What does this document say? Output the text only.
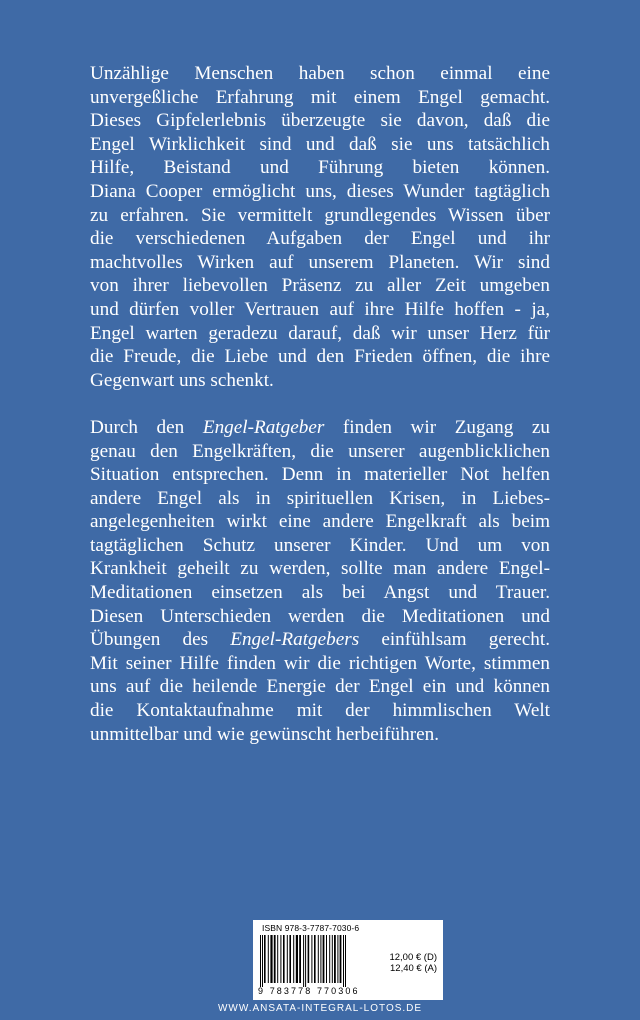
Unzählige Menschen haben schon einmal eine
unvergeßliche Erfahrung mit einem Engel gemacht.
Dieses Gipfelerlebnis überzeugte sie davon, daß die
Engel Wirklichkeit sind und daß sie uns tatsächlich
Hilfe, Beistand und Führung bieten können.
Diana Cooper ermöglicht uns, dieses Wunder tagtäglich
zu erfahren. Sie vermittelt grundlegendes Wissen über
die verschiedenen Aufgaben der Engel und ihr
machtvolles Wirken auf unserem Planeten. Wir sind
von ihrer liebevollen Präsenz zu aller Zeit umgeben
und dürfen voller Vertrauen auf ihre Hilfe hoffen - ja,
Engel warten geradezu darauf, daß wir unser Herz für
die Freude, die Liebe und den Frieden öffnen, die ihre
Gegenwart uns schenkt.

Durch den Engel-Ratgeber finden wir Zugang zu
genau den Engelkräften, die unserer augenblicklichen
Situation entsprechen. Denn in materieller Not helfen
andere Engel als in spirituellen Krisen, in Liebes-
angelegenheiten wirkt eine andere Engelkraft als beim
tagtäglichen Schutz unserer Kinder. Und um von
Krankheit geheilt zu werden, sollte man andere Engel-
Meditationen einsetzen als bei Angst und Trauer.
Diesen Unterschieden werden die Meditationen und
Übungen des Engel-Ratgebers einfühlsam gerecht.
Mit seiner Hilfe finden wir die richtigen Worte, stimmen
uns auf die heilende Energie der Engel ein und können
die Kontaktaufnahme mit der himmlischen Welt
unmittelbar und wie gewünscht herbeiführen.

ISBN 978-3-7787-7030-6
9 783778 770306
12,00 € (D)
12,40 € (A)
WWW.ANSATA-INTEGRAL-LOTOS.DE
